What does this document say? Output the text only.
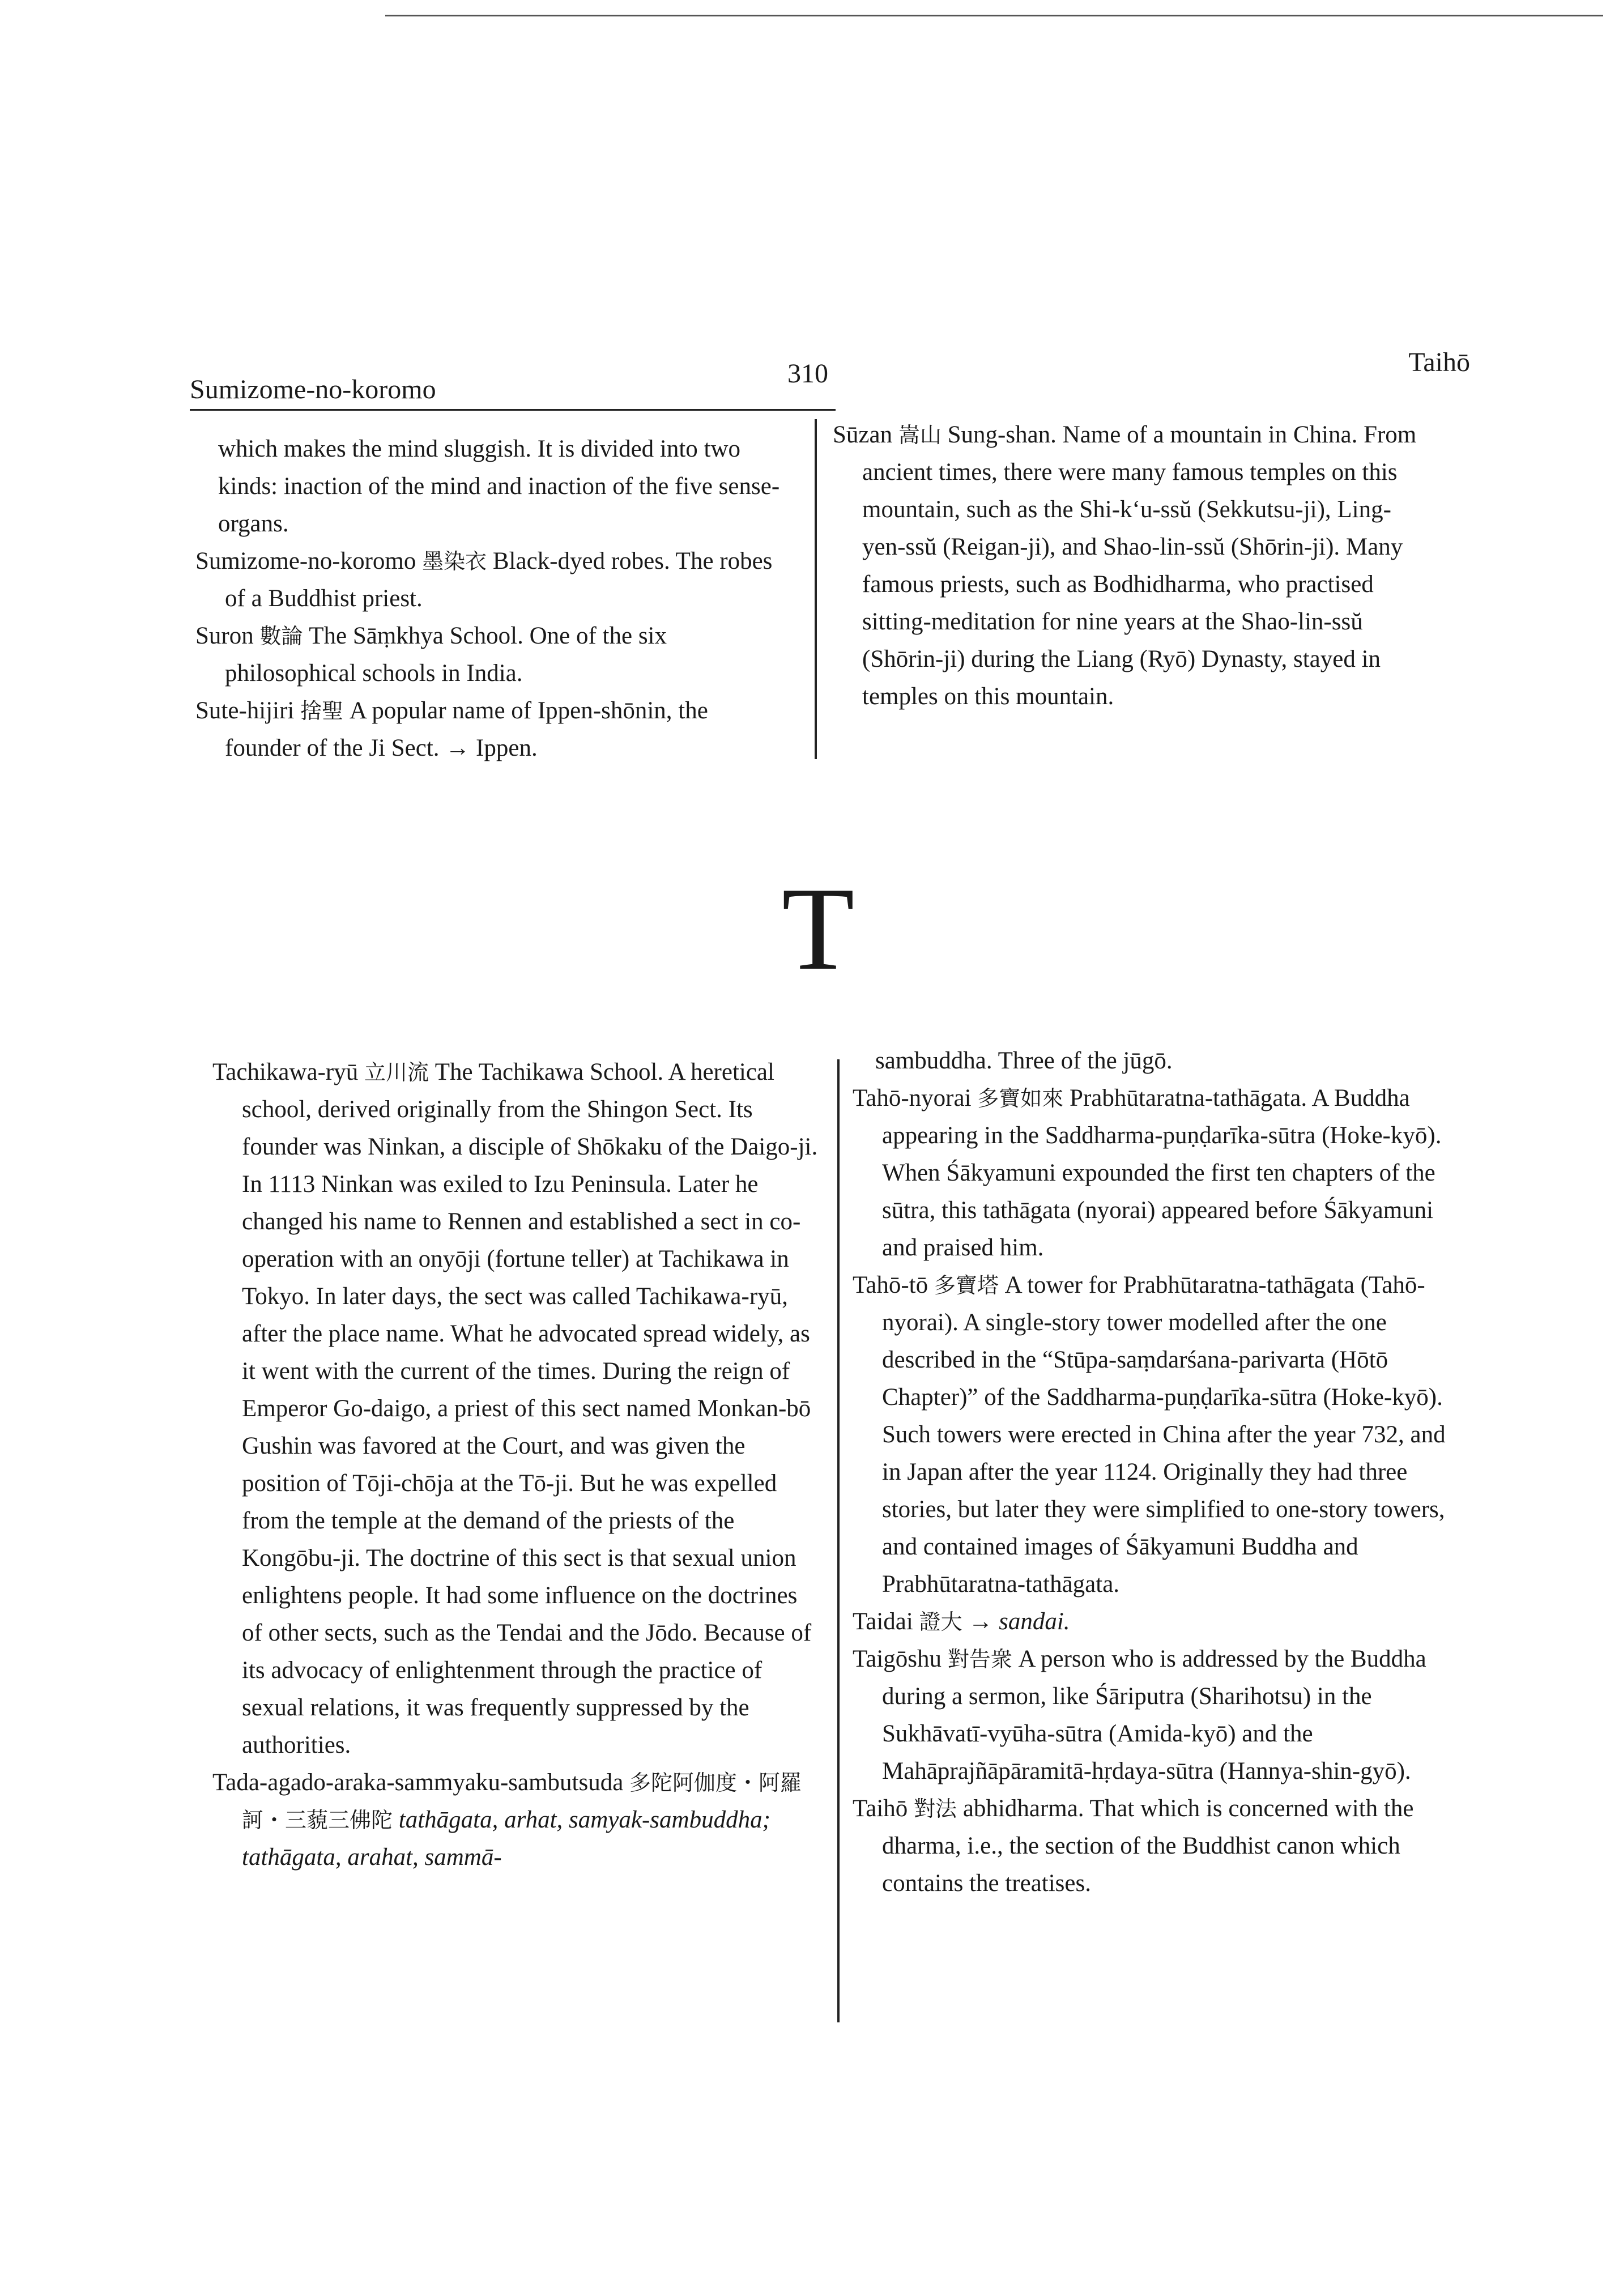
Sumizome-no-koromo
310	Taihō

which makes the mind sluggish. It is divided into two kinds: inaction of the mind and inaction of the five sense-organs.

Sumizome-no-koromo 墨染衣 Black-dyed robes. The robes of a Buddhist priest.

Suron 數論 The Sāṃkhya School. One of the six philosophical schools in India.

Sute-hijiri 捨聖 A popular name of Ippen-shōnin, the founder of the Ji Sect. → Ippen.

Sūzan 嵩山 Sung-shan. Name of a mountain in China. From ancient times, there were many famous temples on this mountain, such as the Shi-k‘u-ssŭ (Sekkutsu-ji), Ling-yen-ssŭ (Reigan-ji), and Shao-lin-ssŭ (Shōrin-ji). Many famous priests, such as Bodhidharma, who practised sitting-meditation for nine years at the Shao-lin-ssŭ (Shōrin-ji) during the Liang (Ryō) Dynasty, stayed in temples on this mountain.

T

Tachikawa-ryū 立川流 The Tachikawa School. A heretical school, derived originally from the Shingon Sect. Its founder was Ninkan, a disciple of Shōkaku of the Daigo-ji. In 1113 Ninkan was exiled to Izu Peninsula. Later he changed his name to Rennen and established a sect in co-operation with an onyōji (fortune teller) at Tachikawa in Tokyo. In later days, the sect was called Tachikawa-ryū, after the place name. What he advocated spread widely, as it went with the current of the times. During the reign of Emperor Go-daigo, a priest of this sect named Monkan-bō Gushin was favored at the Court, and was given the position of Tōji-chōja at the Tō-ji. But he was expelled from the temple at the demand of the priests of the Kongōbu-ji. The doctrine of this sect is that sexual union enlightens people. It had some influence on the doctrines of other sects, such as the Tendai and the Jōdo. Because of its advocacy of enlightenment through the practice of sexual relations, it was frequently suppressed by the authorities.

Tada-agado-araka-sammyaku-sambutsuda 多陀阿伽度・阿羅訶・三藐三佛陀 tathāgata, arhat, samyak-sambuddha; tathāgata, arahat, sammā-

sambuddha. Three of the jūgō.

Tahō-nyorai 多寶如來 Prabhūtaratna-tathāgata. A Buddha appearing in the Saddharma-puṇḍarīka-sūtra (Hoke-kyō). When Śākyamuni expounded the first ten chapters of the sūtra, this tathāgata (nyorai) appeared before Śākyamuni and praised him.

Tahō-tō 多寶塔 A tower for Prabhūtaratna-tathāgata (Tahō-nyorai). A single-story tower modelled after the one described in the “Stūpa-saṃdarśana-parivarta (Hōtō Chapter)” of the Saddharma-puṇḍarīka-sūtra (Hoke-kyō). Such towers were erected in China after the year 732, and in Japan after the year 1124. Originally they had three stories, but later they were simplified to one-story towers, and contained images of Śākyamuni Buddha and Prabhūtaratna-tathāgata.

Taidai 證大 → sandai.

Taigōshu 對告衆 A person who is addressed by the Buddha during a sermon, like Śāriputra (Sharihotsu) in the Sukhāvatī-vyūha-sūtra (Amida-kyō) and the Mahāprajñāpāramitā-hṛdaya-sūtra (Hannya-shin-gyō).

Taihō 對法 abhidharma. That which is concerned with the dharma, i.e., the section of the Buddhist canon which contains the treatises.
